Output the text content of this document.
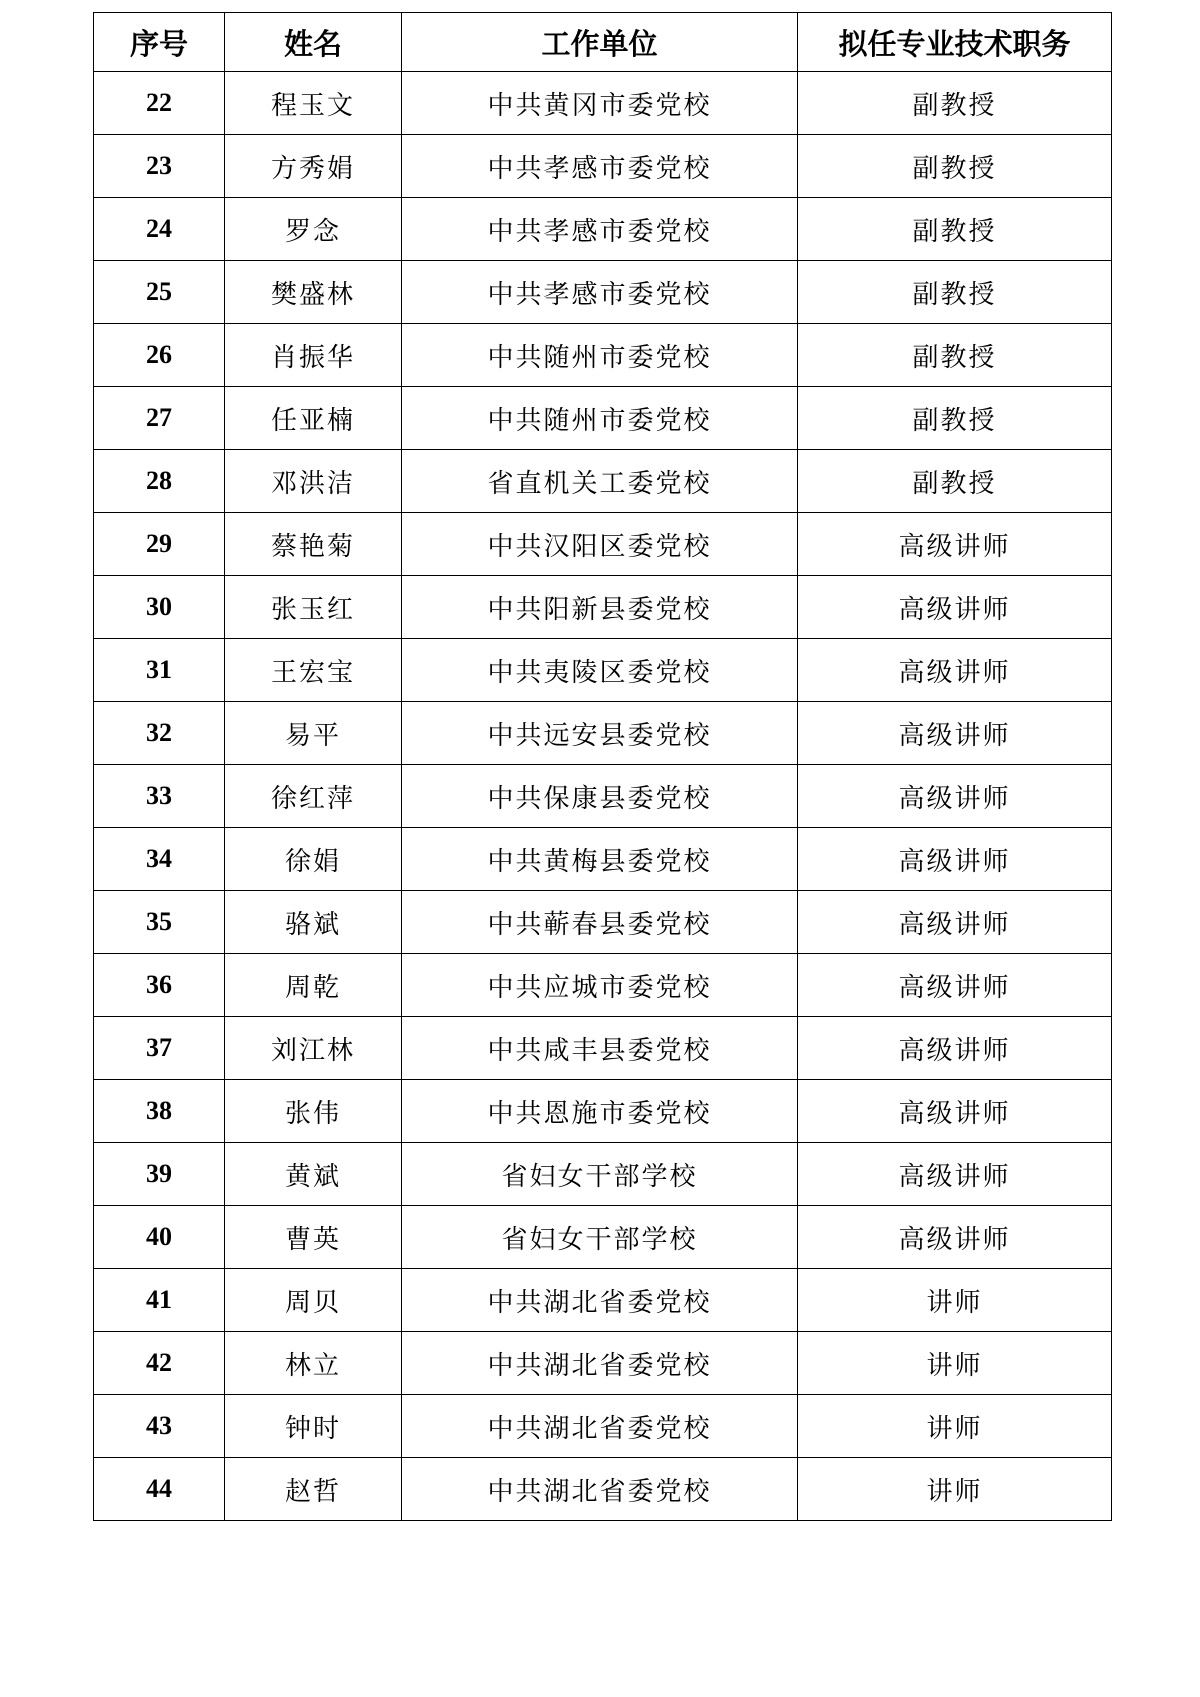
序号	姓名	工作单位	拟任专业技术职务
22	程玉文	中共黄冈市委党校	副教授
23	方秀娟	中共孝感市委党校	副教授
24	罗念	中共孝感市委党校	副教授
25	樊盛林	中共孝感市委党校	副教授
26	肖振华	中共随州市委党校	副教授
27	任亚楠	中共随州市委党校	副教授
28	邓洪洁	省直机关工委党校	副教授
29	蔡艳菊	中共汉阳区委党校	高级讲师
30	张玉红	中共阳新县委党校	高级讲师
31	王宏宝	中共夷陵区委党校	高级讲师
32	易平	中共远安县委党校	高级讲师
33	徐红萍	中共保康县委党校	高级讲师
34	徐娟	中共黄梅县委党校	高级讲师
35	骆斌	中共蕲春县委党校	高级讲师
36	周乾	中共应城市委党校	高级讲师
37	刘江林	中共咸丰县委党校	高级讲师
38	张伟	中共恩施市委党校	高级讲师
39	黄斌	省妇女干部学校	高级讲师
40	曹英	省妇女干部学校	高级讲师
41	周贝	中共湖北省委党校	讲师
42	林立	中共湖北省委党校	讲师
43	钟时	中共湖北省委党校	讲师
44	赵哲	中共湖北省委党校	讲师
